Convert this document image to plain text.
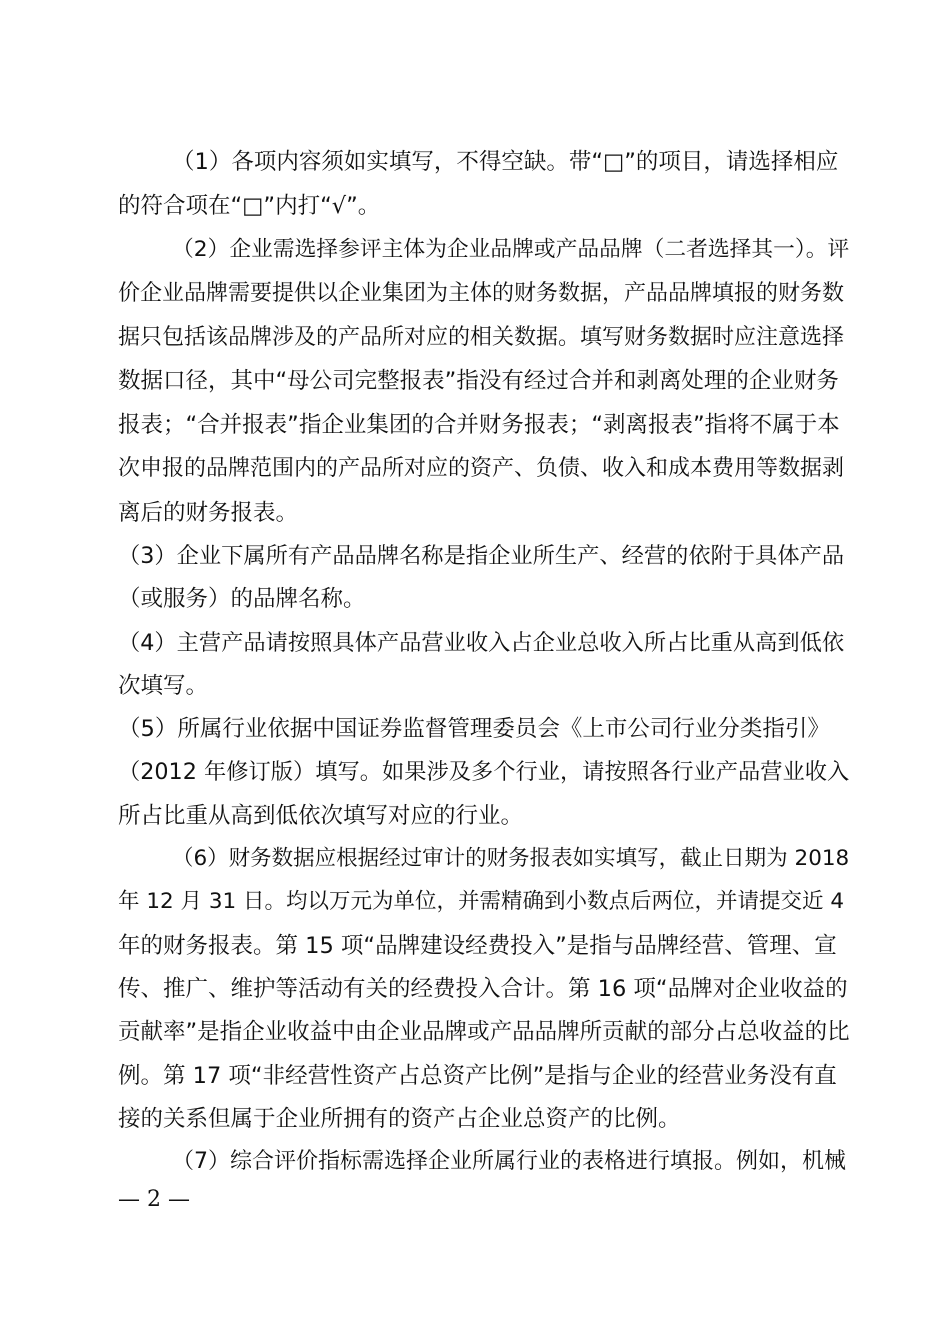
（1）各项内容须如实填写，不得空缺。带“□”的项目，请选择相应
的符合项在“□”内打“√”。
（2）企业需选择参评主体为企业品牌或产品品牌（二者选择其一）。评
价企业品牌需要提供以企业集团为主体的财务数据，产品品牌填报的财务数
据只包括该品牌涉及的产品所对应的相关数据。填写财务数据时应注意选择
数据口径，其中“母公司完整报表”指没有经过合并和剥离处理的企业财务
报表；“合并报表”指企业集团的合并财务报表；“剥离报表”指将不属于本
次申报的品牌范围内的产品所对应的资产、负债、收入和成本费用等数据剥
离后的财务报表。
（3）企业下属所有产品品牌名称是指企业所生产、经营的依附于具体产品
（或服务）的品牌名称。
（4）主营产品请按照具体产品营业收入占企业总收入所占比重从高到低依
次填写。
（5）所属行业依据中国证券监督管理委员会《上市公司行业分类指引》
（2012 年修订版）填写。如果涉及多个行业，请按照各行业产品营业收入
所占比重从高到低依次填写对应的行业。
（6）财务数据应根据经过审计的财务报表如实填写，截止日期为 2018
年 12 月 31 日。均以万元为单位，并需精确到小数点后两位，并请提交近 4
年的财务报表。第 15 项“品牌建设经费投入”是指与品牌经营、管理、宣
传、推广、维护等活动有关的经费投入合计。第 16 项“品牌对企业收益的
贡献率”是指企业收益中由企业品牌或产品品牌所贡献的部分占总收益的比
例。第 17 项“非经营性资产占总资产比例”是指与企业的经营业务没有直
接的关系但属于企业所拥有的资产占企业总资产的比例。
（7）综合评价指标需选择企业所属行业的表格进行填报。例如，机械
— 2 —
